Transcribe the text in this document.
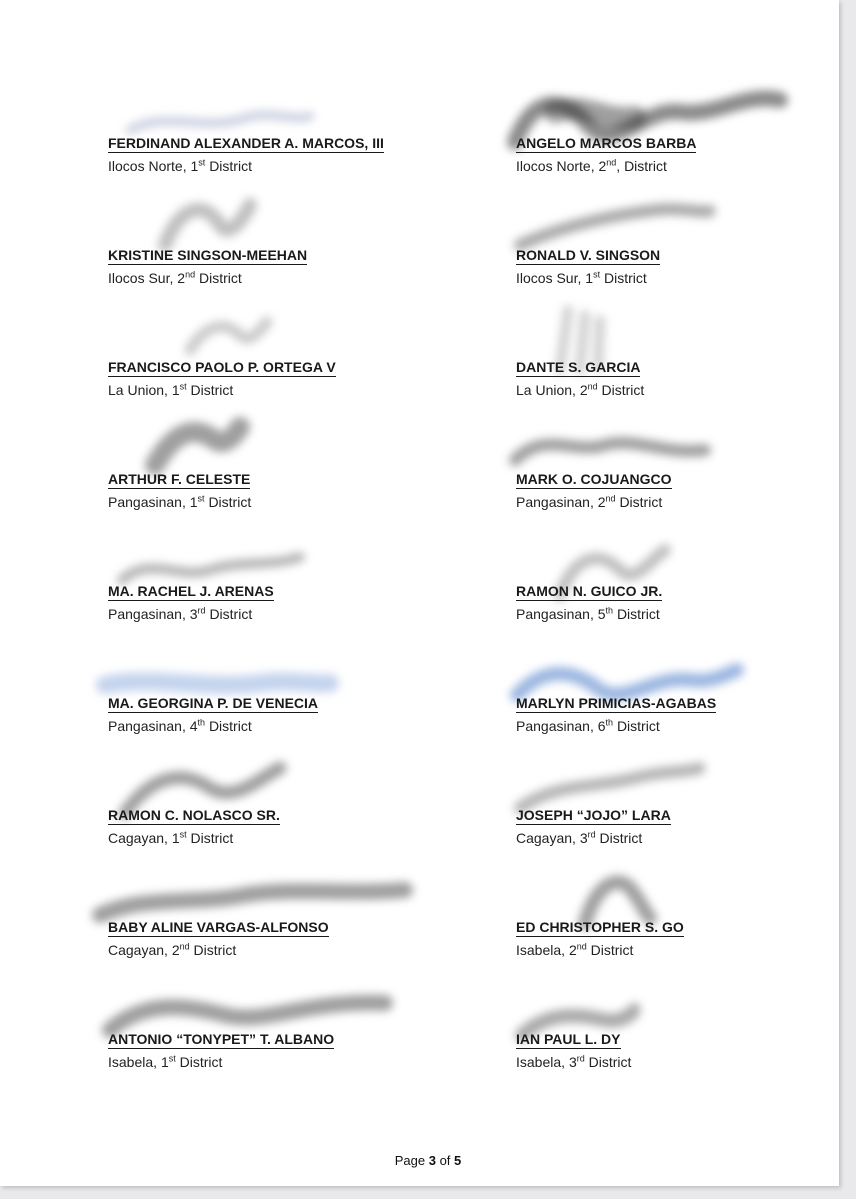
FERDINAND ALEXANDER A. MARCOS, III
Ilocos Norte, 1st District
ANGELO MARCOS BARBA
Ilocos Norte, 2nd, District
KRISTINE SINGSON-MEEHAN
Ilocos Sur, 2nd District
RONALD V. SINGSON
Ilocos Sur, 1st District
FRANCISCO PAOLO P. ORTEGA V
La Union, 1st District
DANTE S. GARCIA
La Union, 2nd District
ARTHUR F. CELESTE
Pangasinan, 1st District
MARK O. COJUANGCO
Pangasinan, 2nd District
MA. RACHEL J. ARENAS
Pangasinan, 3rd District
RAMON N. GUICO JR.
Pangasinan, 5th District
MA. GEORGINA P. DE VENECIA
Pangasinan, 4th District
MARLYN PRIMICIAS-AGABAS
Pangasinan, 6th District
RAMON C. NOLASCO SR.
Cagayan, 1st District
JOSEPH “JOJO” LARA
Cagayan, 3rd District
BABY ALINE VARGAS-ALFONSO
Cagayan, 2nd District
ED CHRISTOPHER S. GO
Isabela, 2nd District
ANTONIO “TONYPET” T. ALBANO
Isabela, 1st District
IAN PAUL L. DY
Isabela, 3rd District
Page 3 of 5
